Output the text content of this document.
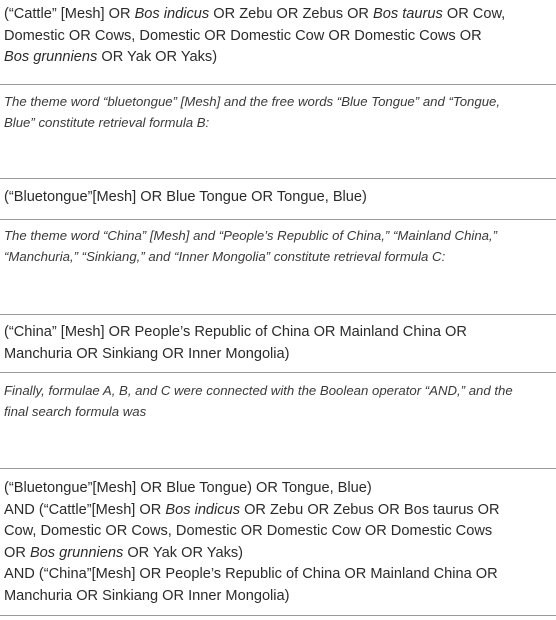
(“Cattle” [Mesh] OR Bos indicus OR Zebu OR Zebus OR Bos taurus OR Cow,
Domestic OR Cows, Domestic OR Domestic Cow OR Domestic Cows OR
Bos grunniens OR Yak OR Yaks)
The theme word “bluetongue” [Mesh] and the free words “Blue Tongue” and “Tongue,
Blue” constitute retrieval formula B:
(“Bluetongue”[Mesh] OR Blue Tongue OR Tongue, Blue)
The theme word “China” [Mesh] and “People’s Republic of China,” “Mainland China,”
“Manchuria,” “Sinkiang,” and “Inner Mongolia” constitute retrieval formula C:
(“China” [Mesh] OR People’s Republic of China OR Mainland China OR
Manchuria OR Sinkiang OR Inner Mongolia)
Finally, formulae A, B, and C were connected with the Boolean operator “AND,” and the
final search formula was
(“Bluetongue”[Mesh] OR Blue Tongue) OR Tongue, Blue)
AND (“Cattle”[Mesh] OR Bos indicus OR Zebu OR Zebus OR Bos taurus OR
Cow, Domestic OR Cows, Domestic OR Domestic Cow OR Domestic Cows
OR Bos grunniens OR Yak OR Yaks)
AND (“China”[Mesh] OR People’s Republic of China OR Mainland China OR
Manchuria OR Sinkiang OR Inner Mongolia)
